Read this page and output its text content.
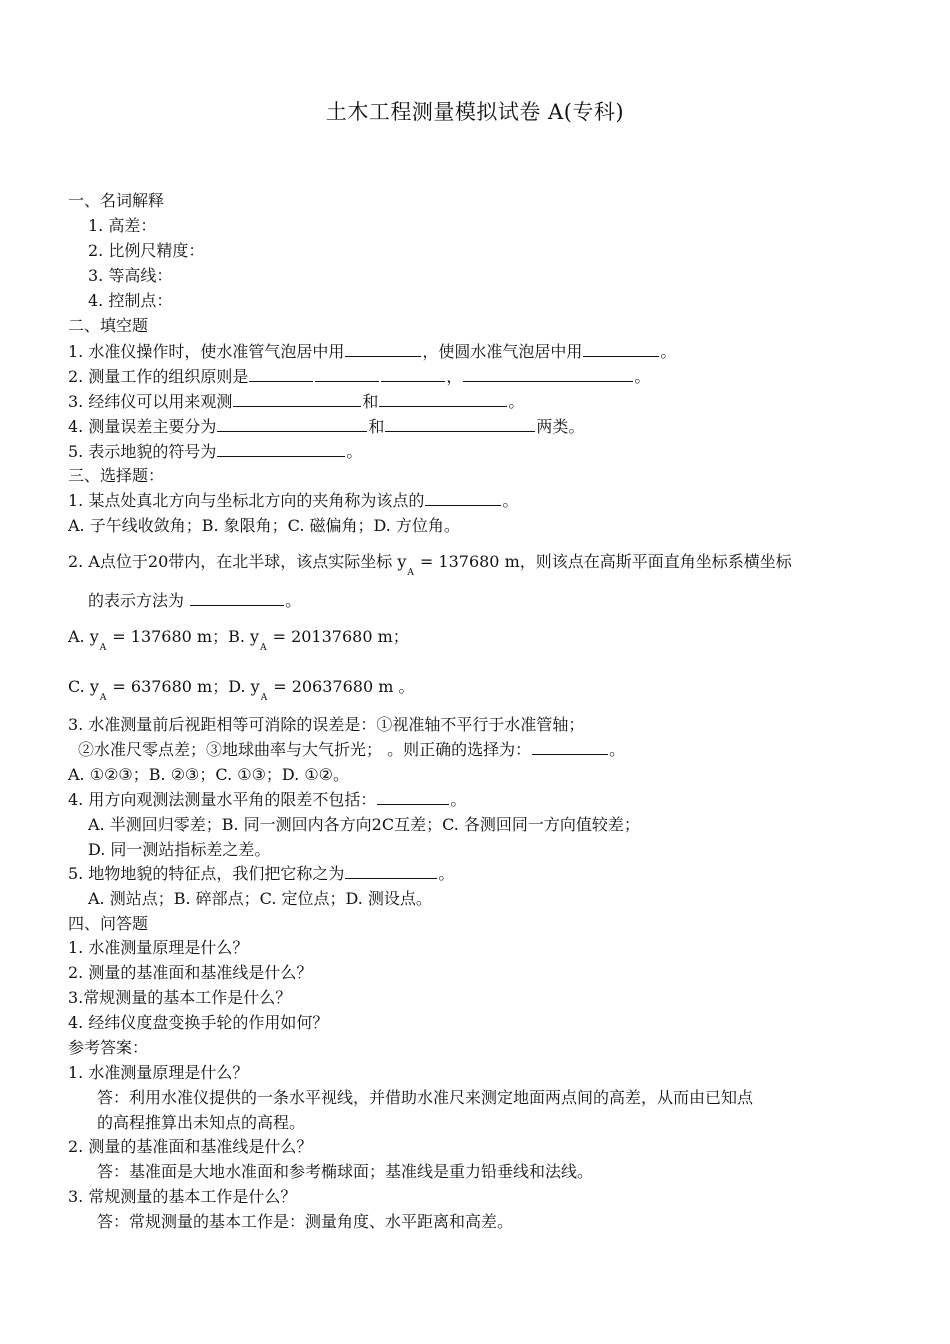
土木工程测量模拟试卷 A(专科)
一、名词解释
1. 高差：
2. 比例尺精度：
3. 等高线：
4. 控制点：
二、填空题
1. 水准仪操作时，使水准管气泡居中用	，使圆水准气泡居中用	。
2. 测量工作的组织原则是	，	。
3. 经纬仪可以用来观测	和	。
4. 测量误差主要分为	和	两类。
5. 表示地貌的符号为	。
三、选择题：
1. 某点处真北方向与坐标北方向的夹角称为该点的	。
A. 子午线收敛角；B. 象限角；C. 磁偏角；D. 方位角。
2. A点位于20带内，在北半球，该点实际坐标 $y_A= 137680$ m，则该点在高斯平面直角坐标系横坐标
的表示方法为	。
A. $y_A= 137680$ m；B. $y_A= 20137680$ m；
C. $y_A= 637680$ m；D. $y_A= 20637680$ m 。
3. 水准测量前后视距相等可消除的误差是：①视准轴不平行于水准管轴；
②水准尺零点差；③地球曲率与大气折光； 。则正确的选择为：	。
A. ①②③；B. ②③；C. ①③；D. ①②。
4. 用方向观测法测量水平角的限差不包括：	。
A. 半测回归零差；B. 同一测回内各方向2C互差；C. 各测回同一方向值较差；
D. 同一测站指标差之差。
5. 地物地貌的特征点，我们把它称之为	。
A. 测站点；B. 碎部点；C. 定位点；D. 测设点。
四、问答题
1. 水准测量原理是什么？
2. 测量的基准面和基准线是什么？
3.常规测量的基本工作是什么？
4. 经纬仪度盘变换手轮的作用如何？
参考答案：
1. 水准测量原理是什么？
答：利用水准仪提供的一条水平视线，并借助水准尺来测定地面两点间的高差，从而由已知点
的高程推算出未知点的高程。
2. 测量的基准面和基准线是什么？
答：基准面是大地水准面和参考椭球面；基准线是重力铅垂线和法线。
3. 常规测量的基本工作是什么？
答：常规测量的基本工作是：测量角度、水平距离和高差。
